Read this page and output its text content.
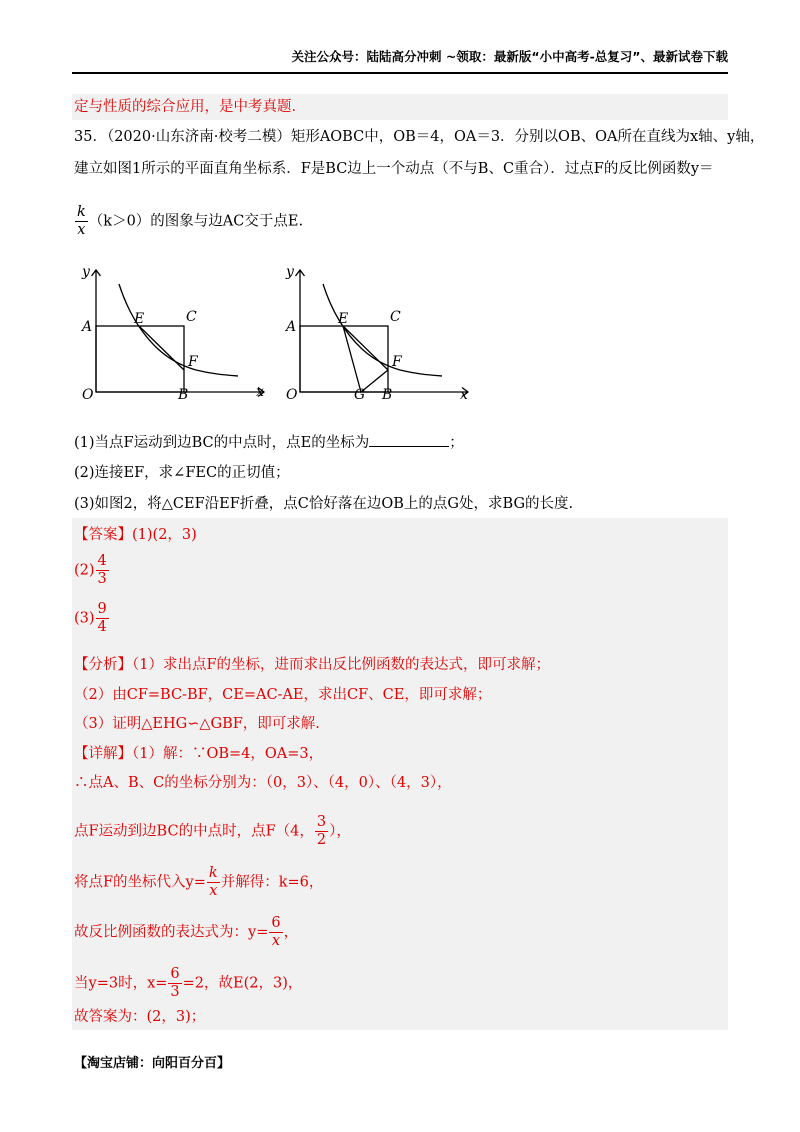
关注公众号：陆陆高分冲刺 ~领取：最新版“小中高考-总复习”、最新试卷下载
定与性质的综合应用，是中考真题．
35．（2020·山东济南·校考二模）矩形AOBC中，OB＝4，OA＝3．分别以OB、OA所在直线为x轴、y轴，
建立如图1所示的平面直角坐标系．F是BC边上一个动点（不与B、C重合）．过点F的反比例函数y＝
$\frac{k}{x} (k>0)$的图象与边AC交于点E.
y
x
O
A
B
C
E
F
y
x
O
A
B
C
E
F
G
(1)当点F运动到边BC的中点时，点E的坐标为	；
(2)连接EF，求∠FEC的正切值；
(3)如图2，将△CEF沿EF折叠，点C恰好落在边OB上的点G处，求BG的长度.
【答案】(1)(2，3)
$(2) \frac{4}{3}$
$(3) \frac{9}{4}$
【分析】（1）求出点F的坐标，进而求出反比例函数的表达式，即可求解；
（2）由CF=BC-BF，CE=AC-AE，求出CF、CE，即可求解；
（3）证明△EHG∽△GBF，即可求解.
【详解】（1）解：∵OB=4，OA=3，
∴点A、B、C的坐标分别为：（0，3）、（4，0）、（4，3），
点F运动到边BC的中点时，点F（4， $\frac{3}{2}$ ），
将点F的坐标代入$y= \frac{k}{x}$ 并解得：k=6，
故反比例函数的表达式为：$y= \frac{6}{x}$ ，
当y=3时，$x= \frac{6}{3} =2$，故E(2，3)，
故答案为：(2，3)；
【淘宝店铺：向阳百分百】
